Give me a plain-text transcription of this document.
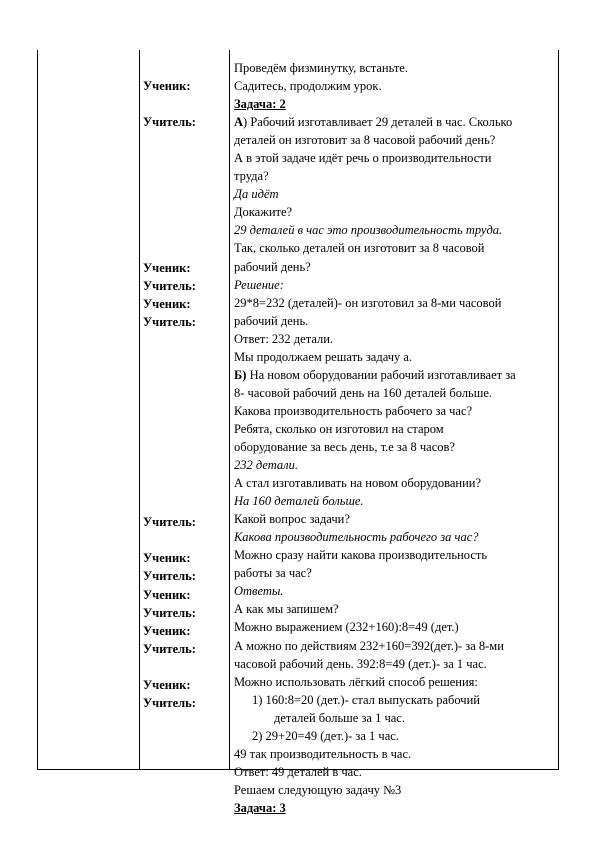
Ученик:
Учитель:
Ученик:
Учитель:
Ученик:
Учитель:
Учитель:
Ученик:
Учитель:
Ученик:
Учитель:
Ученик:
Учитель:
Ученик:
Учитель:
Проведём физминутку, встаньте.
Садитесь, продолжим урок.
Задача: 2
А) Рабочий изготавливает 29 деталей в час. Сколько
деталей он изготовит за 8 часовой рабочий день?
А в этой задаче идёт речь о производительности
труда?
Да идёт
Докажите?
29 деталей в час это производительность труда.
Так, сколько деталей он изготовит за 8 часовой
рабочий день?
Решение:
29*8=232 (деталей)- он изготовил за 8-ми часовой
рабочий день.
Ответ: 232 детали.
Мы продолжаем решать задачу а.
Б) На новом оборудовании рабочий изготавливает за
8- часовой рабочий день на 160 деталей больше.
Какова производительность рабочего за час?
Ребята, сколько он изготовил на старом
оборудование за весь день, т.е за 8 часов?
232 детали.
А стал изготавливать на новом оборудовании?
На 160 деталей больше.
Какой вопрос задачи?
Какова производительность рабочего за час?
Можно сразу найти какова производительность
работы за час?
Ответы.
А как мы запишем?
Можно выражением (232+160):8=49 (дет.)
А можно по действиям 232+160=392(дет.)- за 8-ми
часовой рабочий день. 392:8=49 (дет.)- за 1 час.
Можно использовать лёгкий способ решения:
1) 160:8=20 (дет.)- стал выпускать рабочий
деталей больше за 1 час.
2) 29+20=49 (дет.)- за 1 час.
49 так производительность в час.
Ответ: 49 деталей в час.
Решаем следующую задачу №3
Задача: 3
